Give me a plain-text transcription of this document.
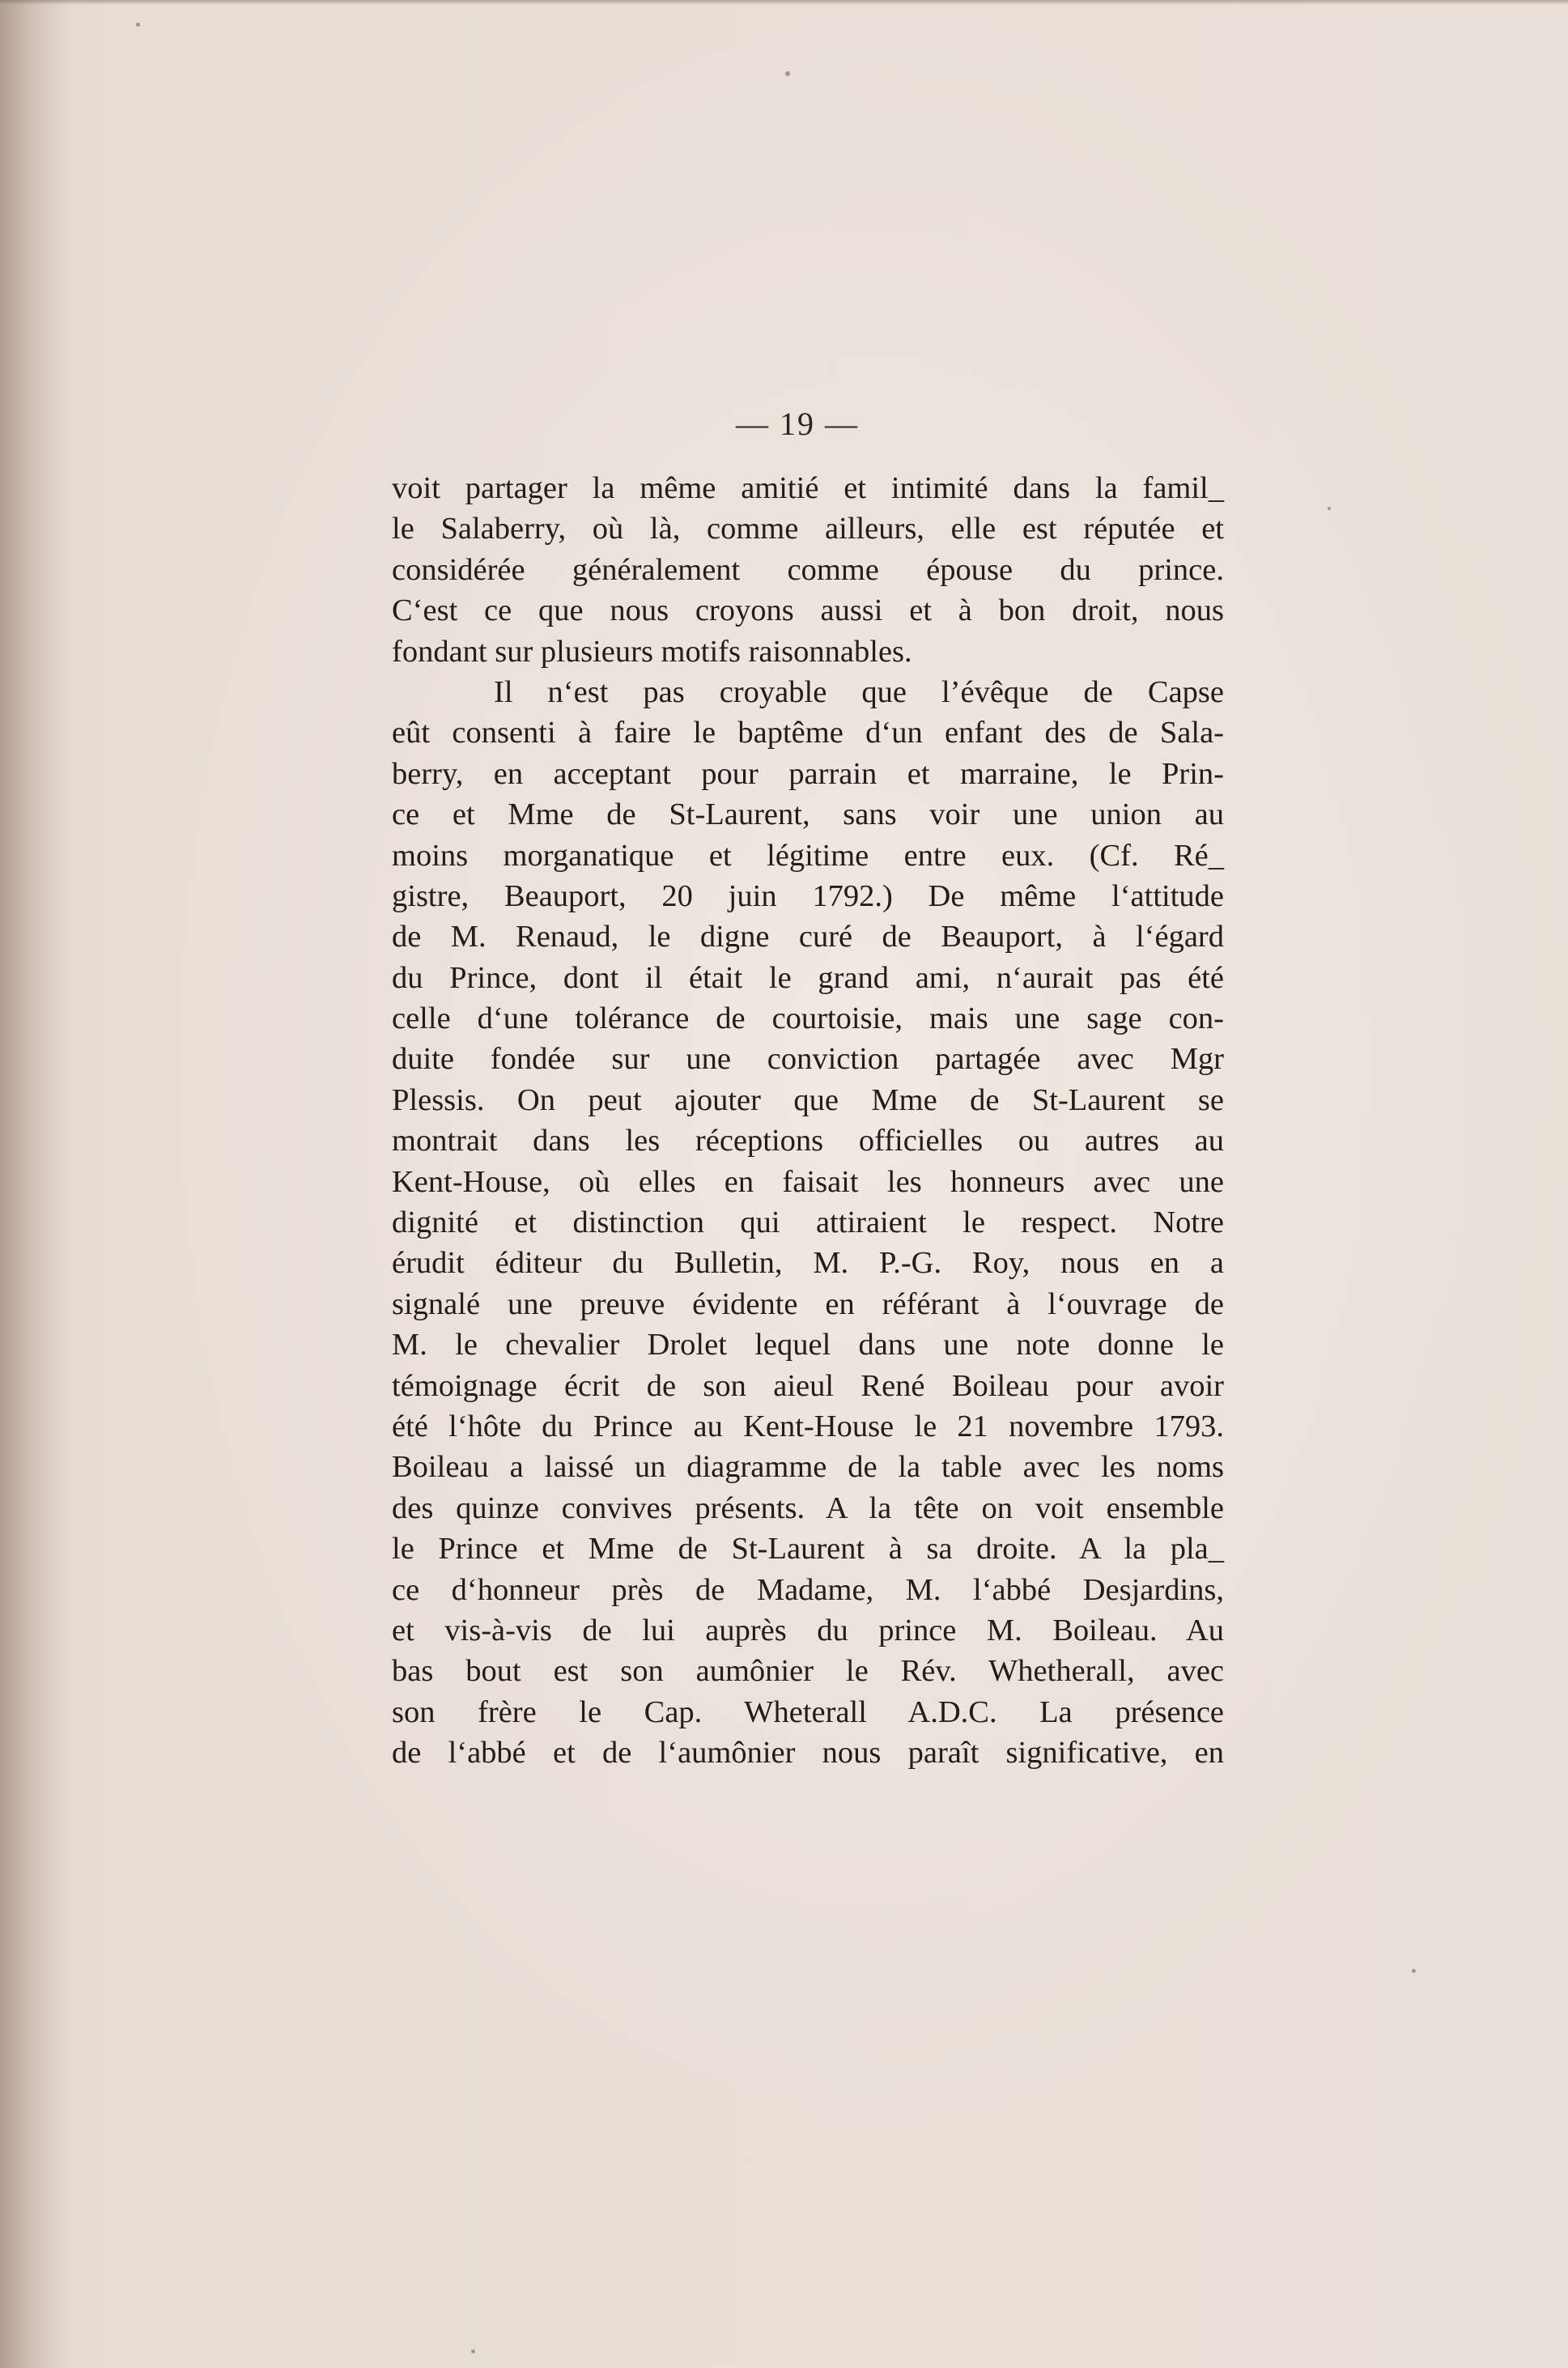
— 19 —
voit partager la même amitié et intimité dans la famil_
le Salaberry, où là, comme ailleurs, elle est réputée et
considérée généralement comme épouse du prince.
C‘est ce que nous croyons aussi et à bon droit, nous
fondant sur plusieurs motifs raisonnables.
Il n‘est pas croyable que l’évêque de Capse
eût consenti à faire le baptême d‘un enfant des de Sala-
berry, en acceptant pour parrain et marraine, le Prin-
ce et Mme de St-Laurent, sans voir une union au
moins morganatique et légitime entre eux. (Cf. Ré_
gistre, Beauport, 20 juin 1792.) De même l‘attitude
de M. Renaud, le digne curé de Beauport, à l‘égard
du Prince, dont il était le grand ami, n‘aurait pas été
celle d‘une tolérance de courtoisie, mais une sage con-
duite fondée sur une conviction partagée avec Mgr
Plessis. On peut ajouter que Mme de St-Laurent se
montrait dans les réceptions officielles ou autres au
Kent-House, où elles en faisait les honneurs avec une
dignité et distinction qui attiraient le respect. Notre
érudit éditeur du Bulletin, M. P.-G. Roy, nous en a
signalé une preuve évidente en référant à l‘ouvrage de
M. le chevalier Drolet lequel dans une note donne le
témoignage écrit de son aieul René Boileau pour avoir
été l‘hôte du Prince au Kent-House le 21 novembre 1793.
Boileau a laissé un diagramme de la table avec les noms
des quinze convives présents. A la tête on voit ensemble
le Prince et Mme de St-Laurent à sa droite. A la pla_
ce d‘honneur près de Madame, M. l‘abbé Desjardins,
et vis-à-vis de lui auprès du prince M. Boileau. Au
bas bout est son aumônier le Rév. Whetherall, avec
son frère le Cap. Wheterall A.D.C. La présence
de l‘abbé et de l‘aumônier nous paraît significative, en
